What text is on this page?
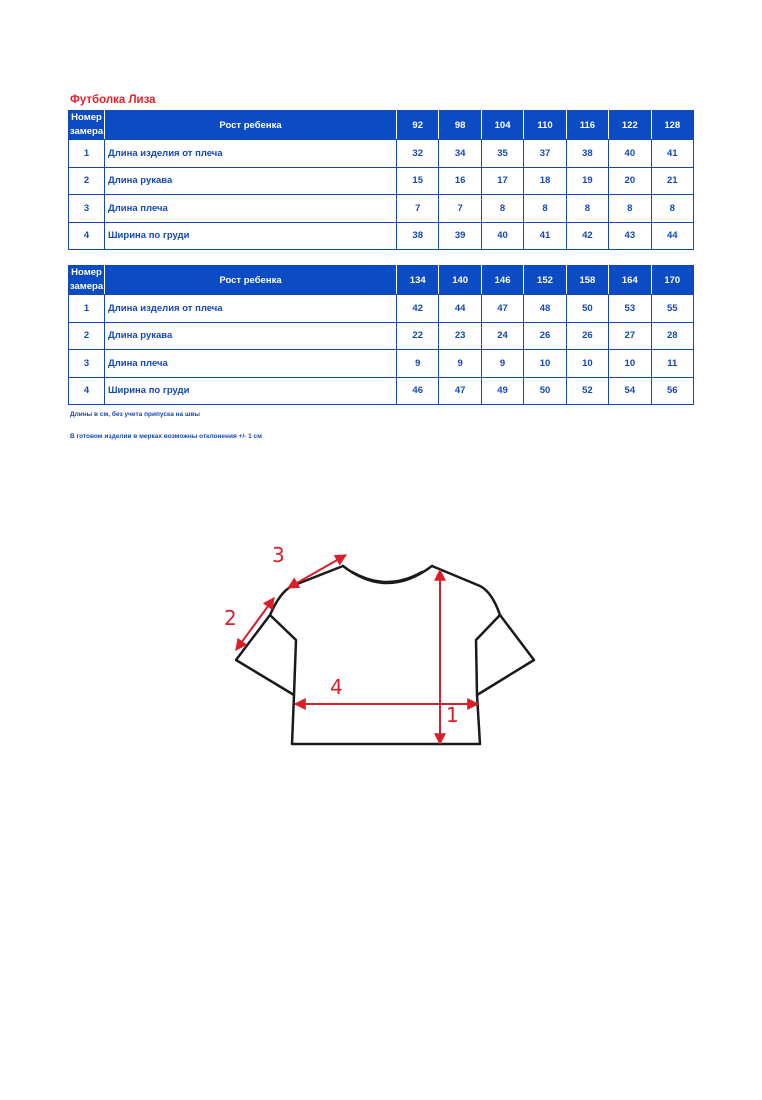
Футболка Лиза
Номер замера	Рост ребенка	92	98	104	110	116	122	128
1	Длина изделия от плеча	32	34	35	37	38	40	41
2	Длина рукава	15	16	17	18	19	20	21
3	Длина плеча	7	7	8	8	8	8	8
4	Ширина по груди	38	39	40	41	42	43	44
Номер замера	Рост ребенка	134	140	146	152	158	164	170
1	Длина изделия от плеча	42	44	47	48	50	53	55
2	Длина рукава	22	23	24	26	26	27	28
3	Длина плеча	9	9	9	10	10	10	11
4	Ширина по груди	46	47	49	50	52	54	56
Длины в см, без учета припуска на швы
В готовом изделии в мерках возможны отклонения +/- 1 см
3
2
4
1
